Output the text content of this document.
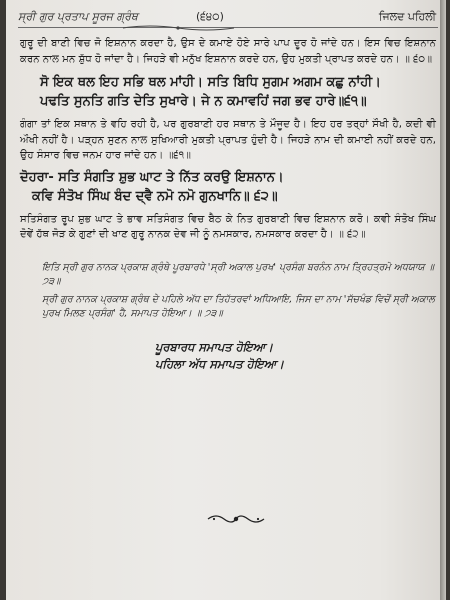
ਸ੍ਰੀ ਗੁਰ ਪ੍ਰਤਾਪ ਸੂਰਜ ਗ੍ਰੰਥ	(੬੪੦)	ਜਿਲਦ ਪਹਿਲੀ

ਗੁਰੂ ਦੀ ਬਾਣੀ ਵਿਚ ਜੋ ਇਸ਼ਨਾਨ ਕਰਦਾ ਹੈ, ਉਸ ਦੇ ਕਮਾਏ ਹੋਏ ਸਾਰੇ ਪਾਪ ਦੂਰ ਹੋ ਜਾਂਦੇ ਹਨ। ਇਸ ਵਿਚ ਇਸ਼ਨਾਨ ਕਰਨ ਨਾਲ ਮਨ ਸ਼ੁੱਧ ਹੋ ਜਾਂਦਾ ਹੈ। ਜਿਹੜੇ ਵੀ ਮਨੁੱਖ ਇਸ਼ਨਾਨ ਕਰਦੇ ਹਨ, ਉਹ ਮੁਕਤੀ ਪ੍ਰਾਪਤ ਕਰਦੇ ਹਨ। ॥ ੬੦॥

ਸੋ ਇਕ ਥਲ ਇਹ ਸਭਿ ਥਲ ਮਾਂਹੀ। ਸਤਿ ਬਿਧਿ ਸੁਗਮ ਅਗਮ ਕਛੁ ਨਾਂਹੀ।
ਪਢਤਿ ਸੁਨਤਿ ਗਤਿ ਦੇਤਿ ਸੁਖਾਰੇ। ਜੇ ਨ ਕਮਾਵਹਿਂ ਜਗ ਭਵ ਹਾਰੇ॥੬੧॥

ਗੰਗਾ ਤਾਂ ਇਕ ਸਥਾਨ ਤੇ ਵਹਿ ਰਹੀ ਹੈ, ਪਰ ਗੁਰਬਾਣੀ ਹਰ ਸਥਾਨ ਤੇ ਮੌਜੂਦ ਹੈ। ਇਹ ਹਰ ਤਰ੍ਹਾਂ ਸੌਖੀ ਹੈ, ਕਦੀ ਵੀ ਔਖੀ ਨਹੀਂ ਹੈ। ਪੜ੍ਹਨ ਸੁਣਨ ਨਾਲ ਸੁਖਿਆਰੀ ਮੁਕਤੀ ਪ੍ਰਾਪਤ ਹੁੰਦੀ ਹੈ। ਜਿਹੜੇ ਨਾਮ ਦੀ ਕਮਾਈ ਨਹੀਂ ਕਰਦੇ ਹਨ, ਉਹ ਸੰਸਾਰ ਵਿਚ ਜਨਮ ਹਾਰ ਜਾਂਦੇ ਹਨ। ॥੬੧॥

ਦੋਹਰਾ- ਸਤਿ ਸੰਗਤਿ ਸ਼ੁਭ ਘਾਟ ਤੇ ਨਿੱਤ ਕਰਉ ਇਸ਼ਨਾਨ।
ਕਵਿ ਸੰਤੋਖ ਸਿੰਘ ਬੰਦ ਦ੍ਵੈ ਨਮੋ ਨਮੋ ਗੁਨਖਾਨਿ॥ ੬੨॥

ਸਤਿਸੰਗਤ ਰੂਪ ਸ਼ੁਭ ਘਾਟ ਤੇ ਭਾਵ ਸਤਿਸੰਗਤ ਵਿਚ ਬੈਠ ਕੇ ਨਿਤ ਗੁਰਬਾਣੀ ਵਿਚ ਇਸ਼ਨਾਨ ਕਰੋ। ਕਵੀ ਸੰਤੋਖ ਸਿੰਘ ਦੋਵੇਂ ਹੱਥ ਜੋੜ ਕੇ ਗੁਣਾਂ ਦੀ ਖਾਣ ਗੁਰੂ ਨਾਨਕ ਦੇਵ ਜੀ ਨੂੰ ਨਮਸਕਾਰ, ਨਮਸਕਾਰ ਕਰਦਾ ਹੈ। ॥ ੬੨॥

ਇਤਿ ਸ੍ਰੀ ਗੁਰ ਨਾਨਕ ਪ੍ਰਕਾਸ਼ ਗ੍ਰੰਥੇ ਪੂਰਬਾਰਧੇ 'ਸ੍ਰੀ ਅਕਾਲ ਪੁਰਖ' ਪ੍ਰਸੰਗ ਬਰਨੰਨ ਨਾਮ ਤ੍ਰਿਹਤ੍ਰਮੋ ਅਧਯਾਯ ॥ ੭੩॥
ਸ੍ਰੀ ਗੁਰ ਨਾਨਕ ਪ੍ਰਕਾਸ਼ ਗ੍ਰੰਥ ਦੇ ਪਹਿਲੇ ਅੱਧ ਦਾ ਤਿਹੱਤਰਵਾਂ ਅਧਿਆਇ, ਜਿਸ ਦਾ ਨਾਮ 'ਸੱਚਖੰਡ ਵਿਚੋਂ ਸ੍ਰੀ ਅਕਾਲ ਪੁਰਖ ਮਿਲਣ ਪ੍ਰਸੰਗ' ਹੈ, ਸਮਾਪਤ ਹੋਇਆ। ॥ ੭੩॥
ਪੂਰਬਾਰਧ ਸਮਾਪਤ ਹੋਇਆ।
ਪਹਿਲਾ ਅੱਧ ਸਮਾਪਤ ਹੋਇਆ।
